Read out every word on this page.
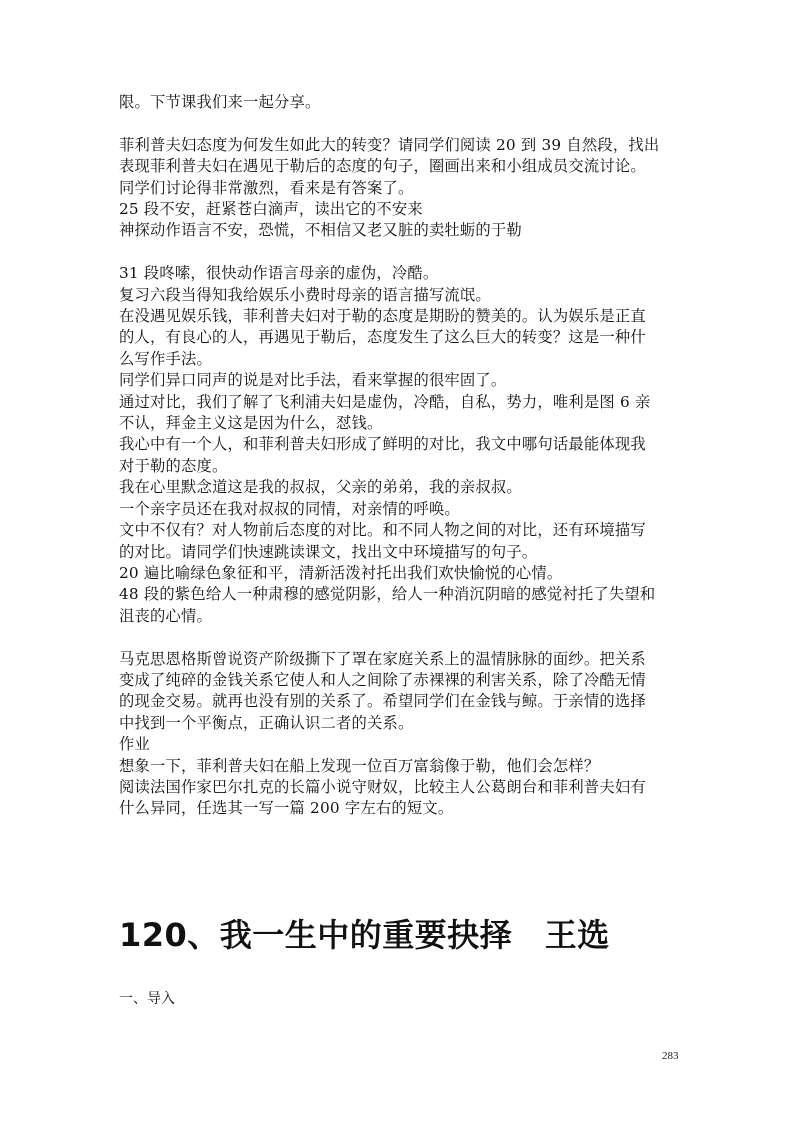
限。下节课我们来一起分享。
菲利普夫妇态度为何发生如此大的转变？请同学们阅读 20 到 39 自然段，找出
表现菲利普夫妇在遇见于勒后的态度的句子，圈画出来和小组成员交流讨论。
同学们讨论得非常激烈，看来是有答案了。
25 段不安，赶紧苍白滴声，读出它的不安来
神探动作语言不安，恐慌，不相信又老又脏的卖牡蛎的于勒
31 段咚嗦，很快动作语言母亲的虚伪，冷酷。
复习六段当得知我给娱乐小费时母亲的语言描写流氓。
在没遇见娱乐钱，菲利普夫妇对于勒的态度是期盼的赞美的。认为娱乐是正直
的人，有良心的人，再遇见于勒后，态度发生了这么巨大的转变？这是一种什
么写作手法。
同学们异口同声的说是对比手法，看来掌握的很牢固了。
通过对比，我们了解了飞利浦夫妇是虚伪，冷酷，自私，势力，唯利是图 6 亲
不认，拜金主义这是因为什么，怼钱。
我心中有一个人，和菲利普夫妇形成了鲜明的对比，我文中哪句话最能体现我
对于勒的态度。
我在心里默念道这是我的叔叔，父亲的弟弟，我的亲叔叔。
一个亲字员还在我对叔叔的同情，对亲情的呼唤。
文中不仅有？对人物前后态度的对比。和不同人物之间的对比，还有环境描写
的对比。请同学们快速跳读课文，找出文中环境描写的句子。
20 遍比喻绿色象征和平，清新活泼衬托出我们欢快愉悦的心情。
48 段的紫色给人一种肃穆的感觉阴影，给人一种消沉阴暗的感觉衬托了失望和
沮丧的心情。
马克思恩格斯曾说资产阶级撕下了罩在家庭关系上的温情脉脉的面纱。把关系
变成了纯碎的金钱关系它使人和人之间除了赤裸裸的利害关系，除了冷酷无情
的现金交易。就再也没有别的关系了。希望同学们在金钱与鲸。于亲情的选择
中找到一个平衡点，正确认识二者的关系。
作业
想象一下，菲利普夫妇在船上发现一位百万富翁像于勒，他们会怎样？
阅读法国作家巴尔扎克的长篇小说守财奴，比较主人公葛朗台和菲利普夫妇有
什么异同，任选其一写一篇 200 字左右的短文。
120、我一生中的重要抉择　王选
一、导入
283
